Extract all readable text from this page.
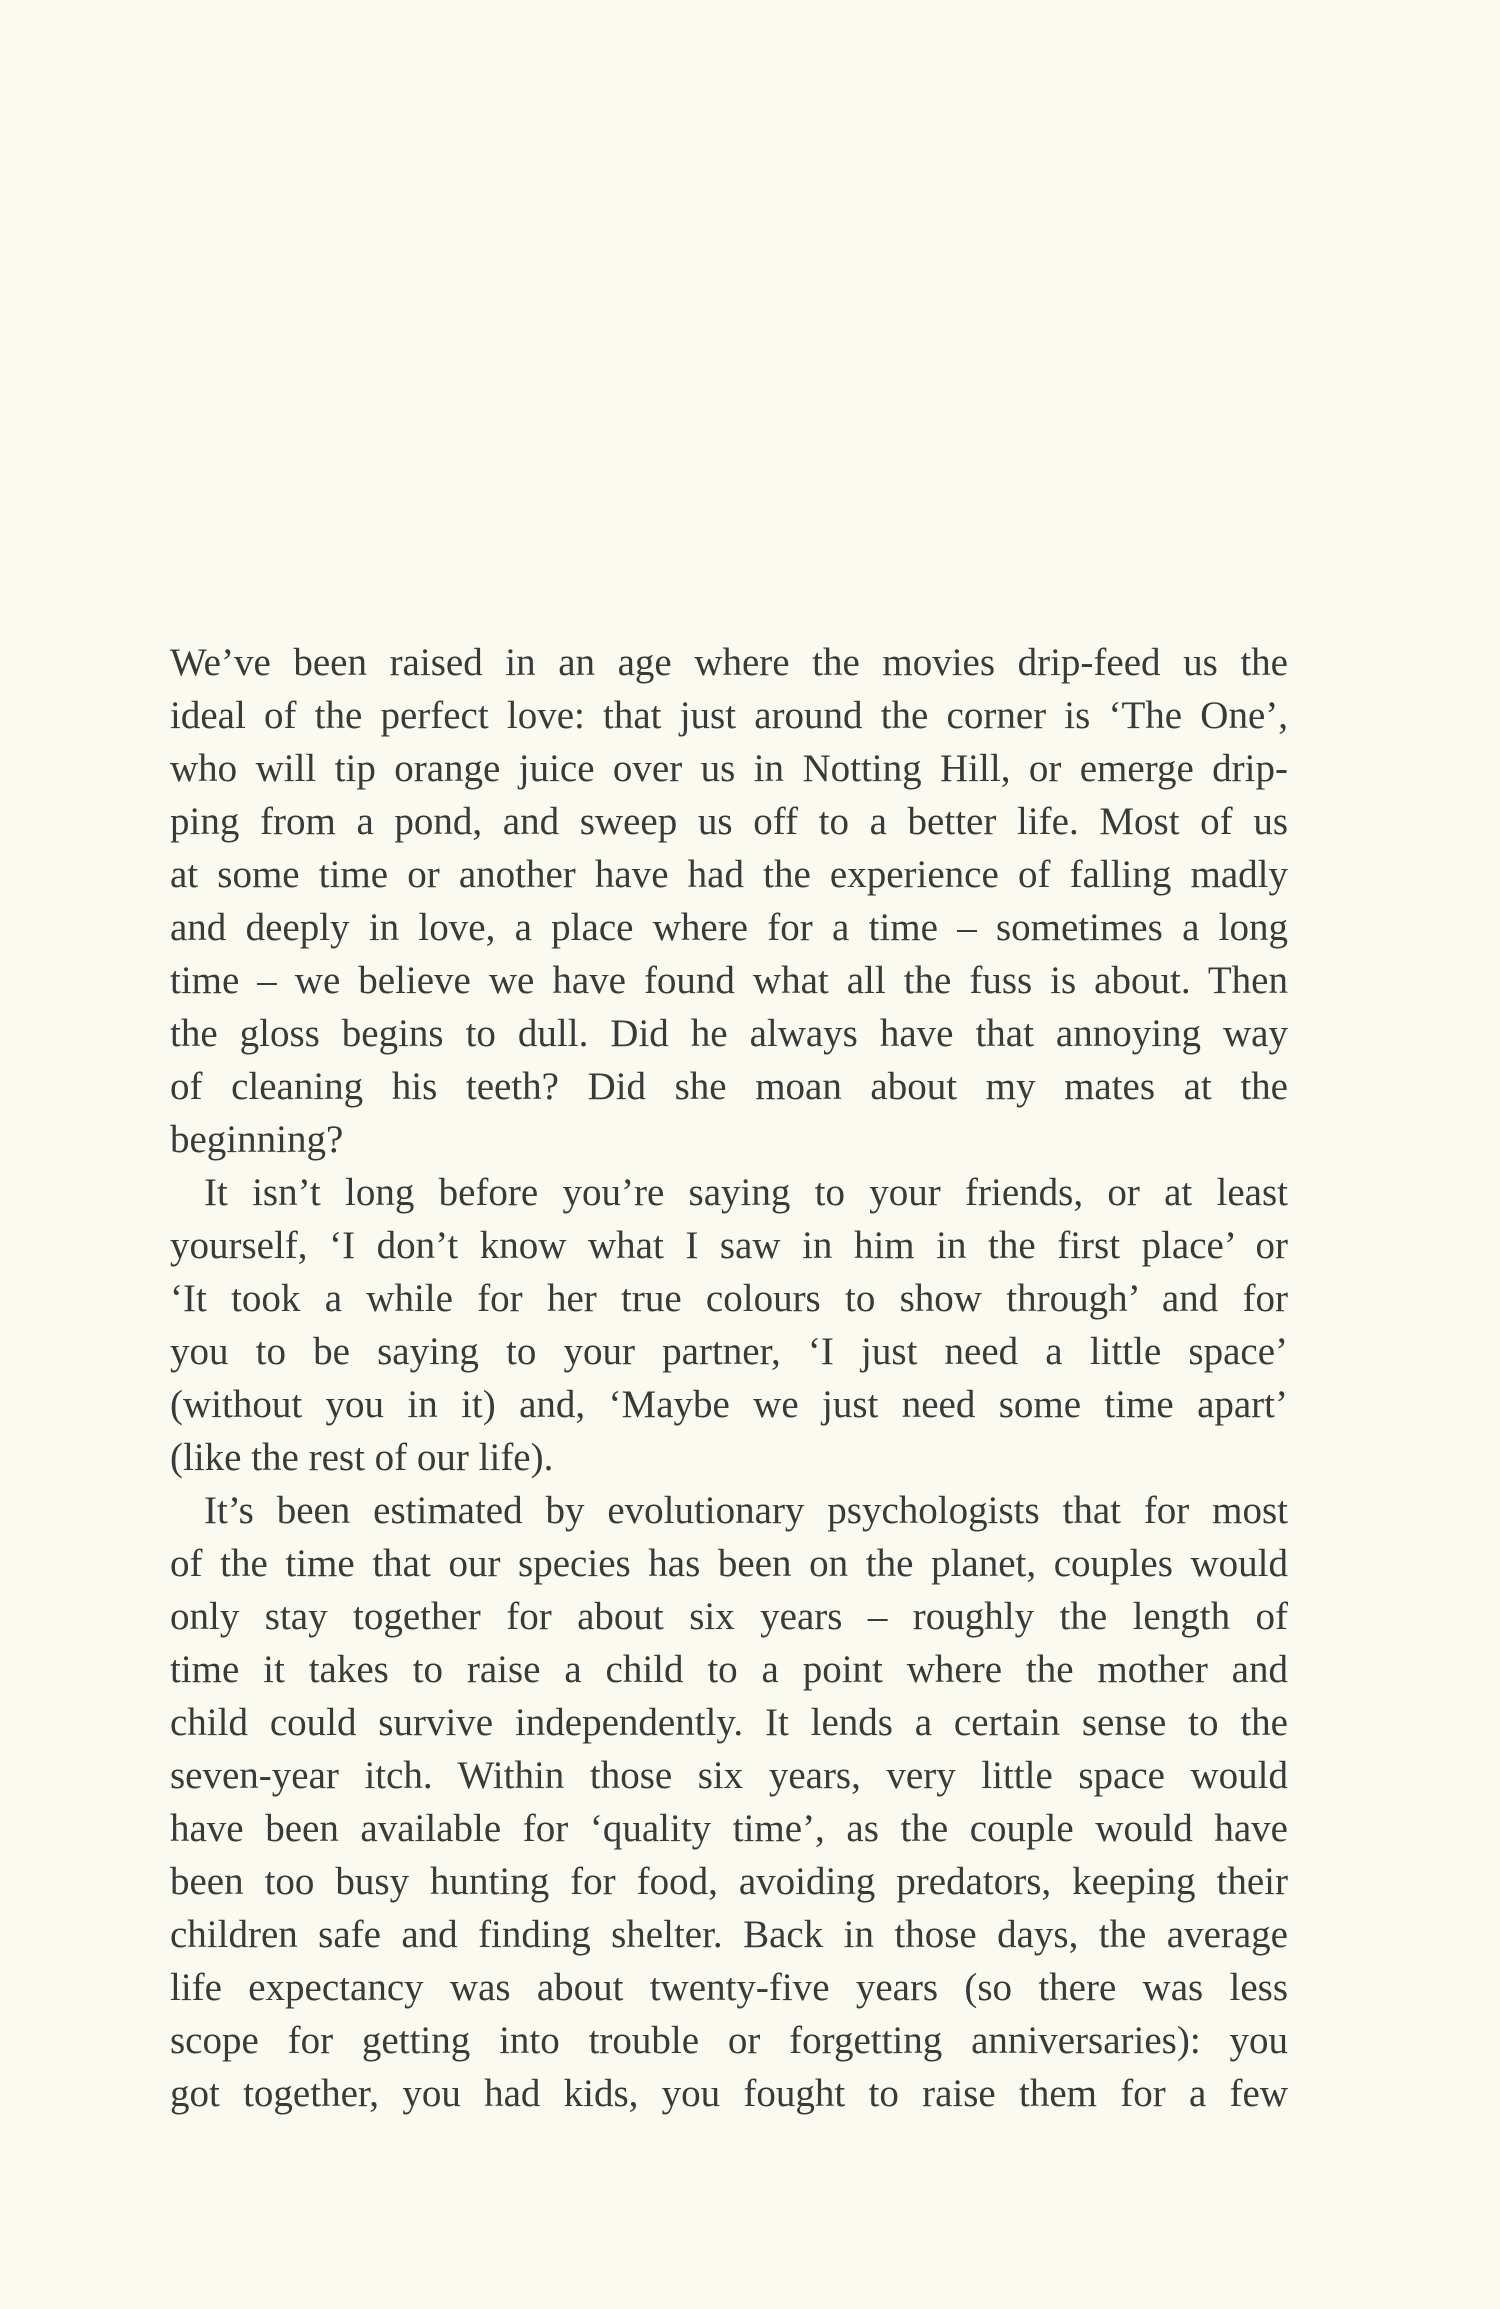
We’ve been raised in an age where the movies drip-feed us the
ideal of the perfect love: that just around the corner is ‘The One’,
who will tip orange juice over us in Notting Hill, or emerge drip-
ping from a pond, and sweep us off to a better life. Most of us
at some time or another have had the experience of falling madly
and deeply in love, a place where for a time – sometimes a long
time – we believe we have found what all the fuss is about. Then
the gloss begins to dull. Did he always have that annoying way
of cleaning his teeth? Did she moan about my mates at the
beginning?
It isn’t long before you’re saying to your friends, or at least
yourself, ‘I don’t know what I saw in him in the first place’ or
‘It took a while for her true colours to show through’ and for
you to be saying to your partner, ‘I just need a little space’
(without you in it) and, ‘Maybe we just need some time apart’
(like the rest of our life).
It’s been estimated by evolutionary psychologists that for most
of the time that our species has been on the planet, couples would
only stay together for about six years – roughly the length of
time it takes to raise a child to a point where the mother and
child could survive independently. It lends a certain sense to the
seven-year itch. Within those six years, very little space would
have been available for ‘quality time’, as the couple would have
been too busy hunting for food, avoiding predators, keeping their
children safe and finding shelter. Back in those days, the average
life expectancy was about twenty-five years (so there was less
scope for getting into trouble or forgetting anniversaries): you
got together, you had kids, you fought to raise them for a few
